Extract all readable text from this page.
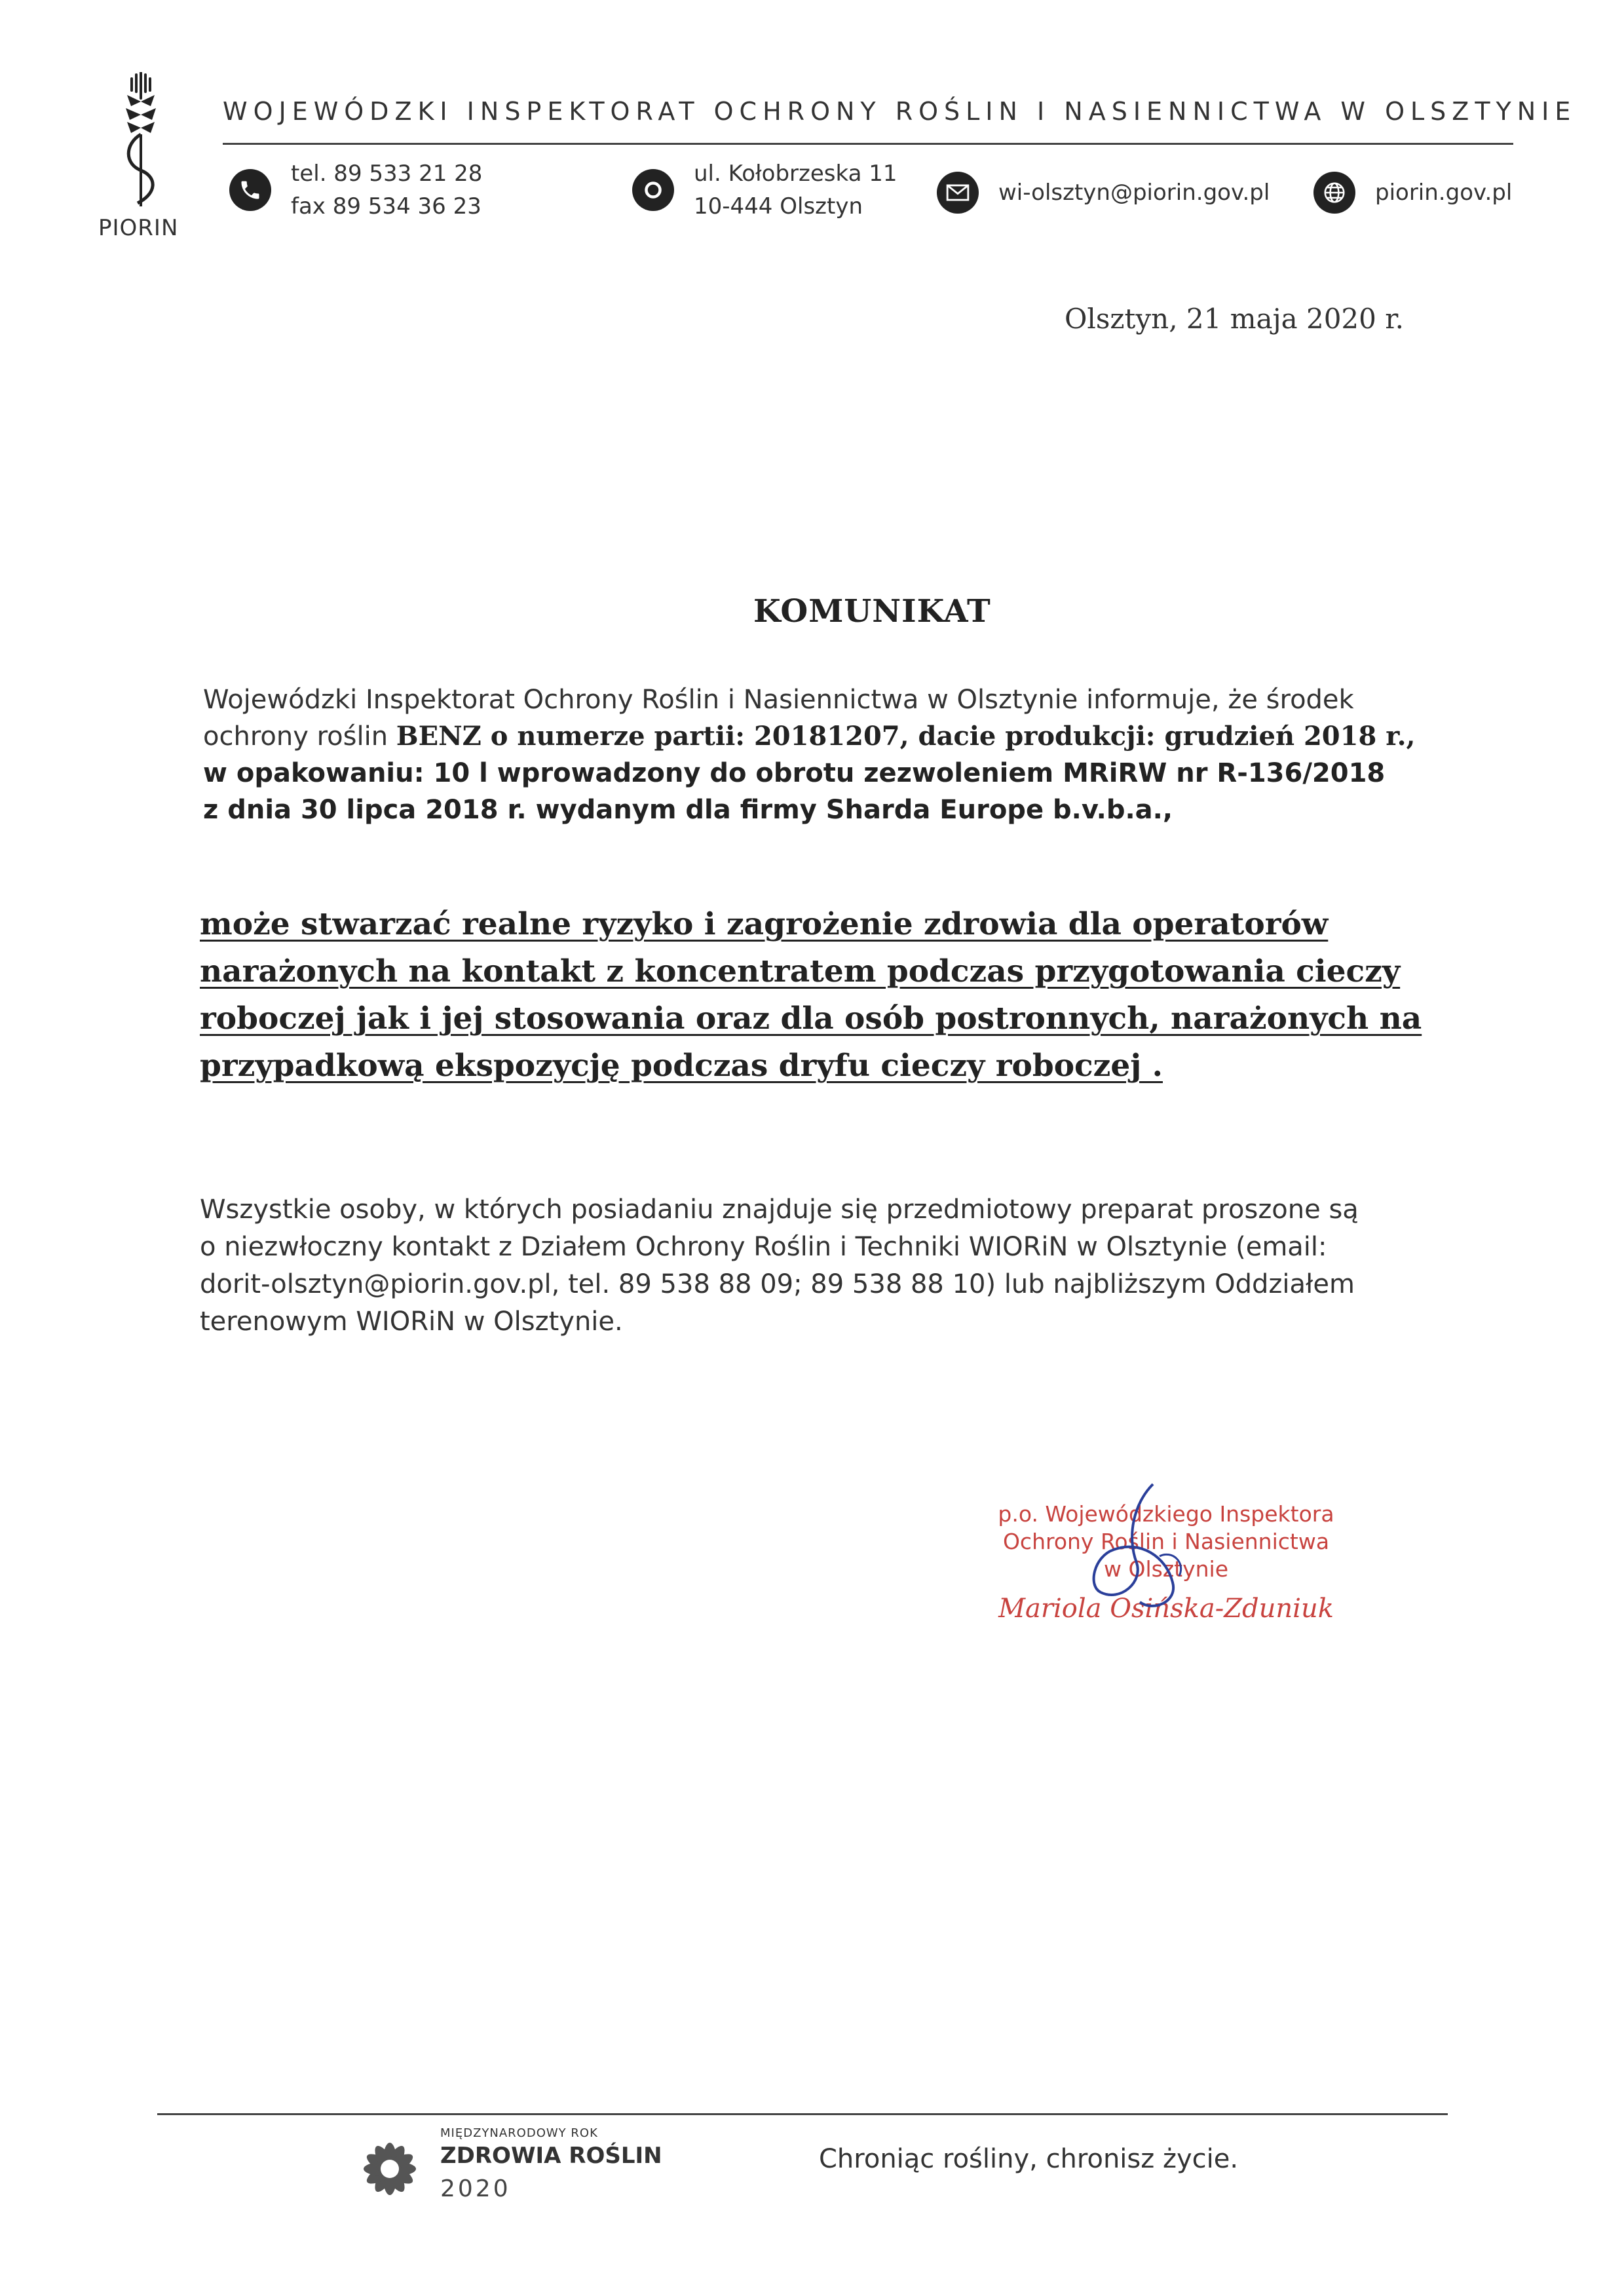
PIORIN
WOJEWÓDZKI INSPEKTORAT OCHRONY ROŚLIN I NASIENNICTWA W OLSZTYNIE
tel. 89 533 21 28
fax 89 534 36 23
ul. Kołobrzeska 11
10-444 Olsztyn
wi-olsztyn@piorin.gov.pl	piorin.gov.pl
Olsztyn, 21 maja 2020 r.
KOMUNIKAT
Wojewódzki Inspektorat Ochrony Roślin i Nasiennictwa w Olsztynie informuje, że środek
ochrony roślin BENZ o numerze partii: 20181207, dacie produkcji: grudzień 2018 r.,
w opakowaniu: 10 l wprowadzony do obrotu zezwoleniem MRiRW nr R-136/2018
z dnia 30 lipca 2018 r. wydanym dla firmy Sharda Europe b.v.b.a.,
może stwarzać realne ryzyko i zagrożenie zdrowia dla operatorów
narażonych na kontakt z koncentratem podczas przygotowania cieczy
roboczej jak i jej stosowania oraz dla osób postronnych, narażonych na
przypadkową ekspozycję podczas dryfu cieczy roboczej .
Wszystkie osoby, w których posiadaniu znajduje się przedmiotowy preparat proszone są
o niezwłoczny kontakt z Działem Ochrony Roślin i Techniki WIORiN w Olsztynie (email:
dorit-olsztyn@piorin.gov.pl, tel. 89 538 88 09; 89 538 88 10) lub najbliższym Oddziałem
terenowym WIORiN w Olsztynie.
p.o. Wojewódzkiego Inspektora
Ochrony Roślin i Nasiennictwa
w Olsztynie
Mariola Osińska-Zduniuk
MIĘDZYNARODOWY ROK
ZDROWIA ROŚLIN
2020
Chroniąc rośliny, chronisz życie.
